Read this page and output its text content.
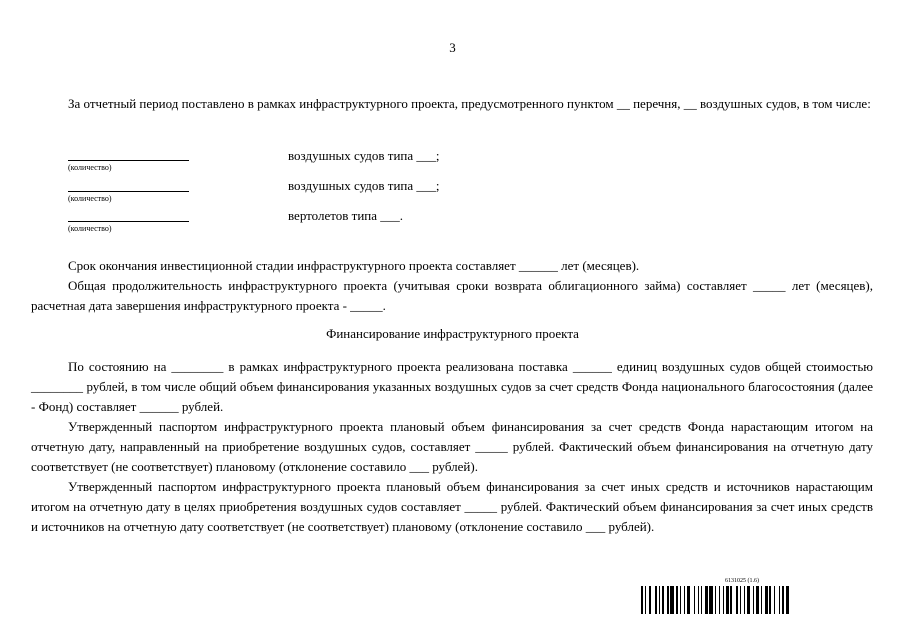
3

За отчетный период поставлено в рамках инфраструктурного проекта, предусмотренного пунктом __ перечня, __ воздушных судов, в том числе:

(количество)
воздушных судов типа ___;
(количество)
воздушных судов типа ___;
(количество)
вертолетов типа ___.

Срок окончания инвестиционной стадии инфраструктурного проекта составляет ______ лет (месяцев).

Общая продолжительность инфраструктурного проекта (учитывая сроки возврата облигационного займа) составляет _____ лет (месяцев), расчетная дата завершения инфраструктурного проекта - _____.

Финансирование инфраструктурного проекта

По состоянию на ________ в рамках инфраструктурного проекта реализована поставка ______ единиц воздушных судов общей стоимостью ________ рублей, в том числе общий объем финансирования указанных воздушных судов за счет средств Фонда национального благосостояния (далее - Фонд) составляет ______ рублей.

Утвержденный паспортом инфраструктурного проекта плановый объем финансирования за счет средств Фонда нарастающим итогом на отчетную дату, направленный на приобретение воздушных судов, составляет _____ рублей. Фактический объем финансирования на отчетную дату соответствует (не соответствует) плановому (отклонение составило ___ рублей).

Утвержденный паспортом инфраструктурного проекта плановый объем финансирования за счет иных средств и источников нарастающим итогом на отчетную дату в целях приобретения воздушных судов составляет _____ рублей. Фактический объем финансирования за счет иных средств и источников на отчетную дату соответствует (не соответствует) плановому (отклонение составило ___ рублей).

6131025 (1.6)
